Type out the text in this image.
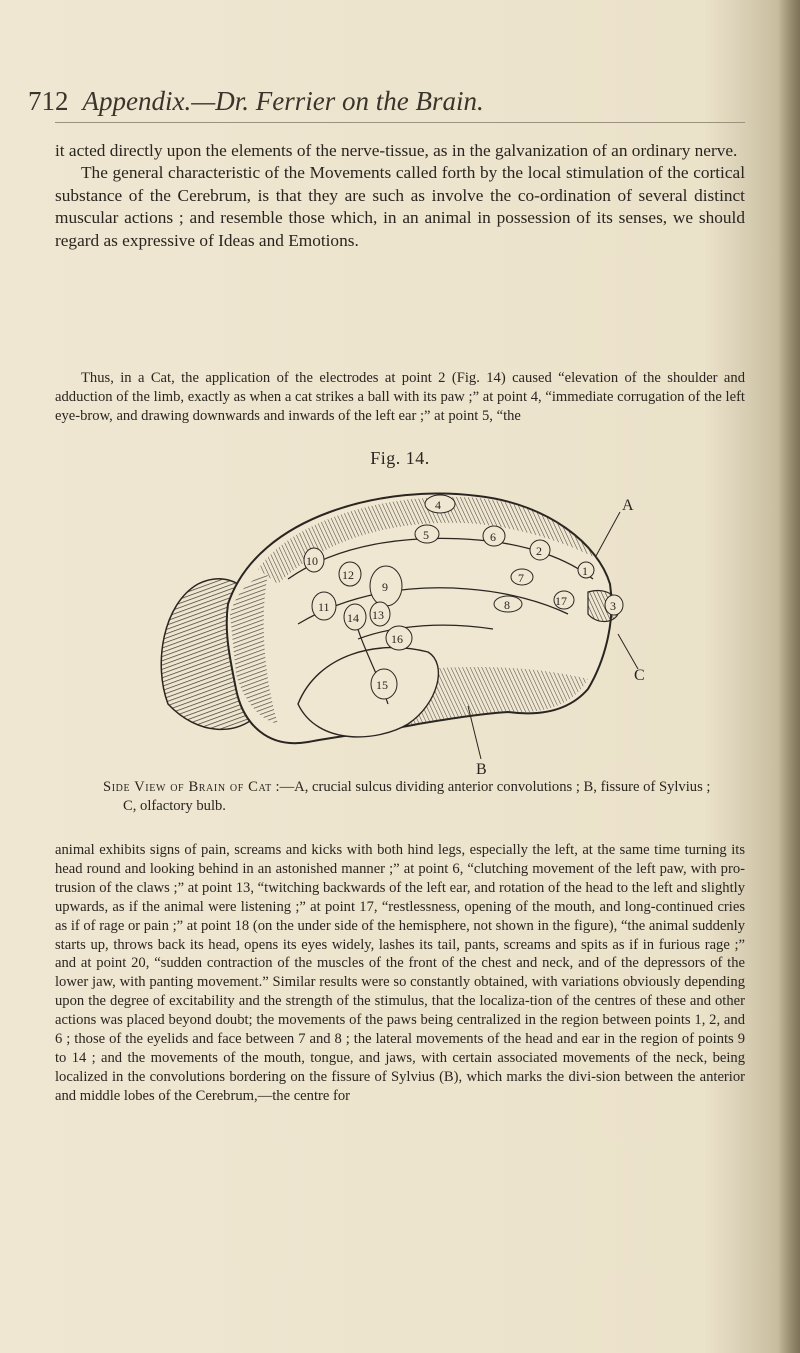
712 Appendix.—Dr. Ferrier on the Brain.

it acted directly upon the elements of the nerve-tissue, as in the galvanization of an ordinary nerve.

The general characteristic of the Movements called forth by the local stimulation of the cortical substance of the Cerebrum, is that they are such as involve the co-ordination of several distinct muscular actions ; and resemble those which, in an animal in possession of its senses, we should regard as expressive of Ideas and Emotions.

Thus, in a Cat, the application of the electrodes at point 2 (Fig. 14) caused “elevation of the shoulder and adduction of the limb, exactly as when a cat strikes a ball with its paw ;” at point 4, “immediate corrugation of the left eye-brow, and drawing downwards and inwards of the left ear ;” at point 5, “the

Fig. 14.
4
5	6
2
1
7
3
17
8
10
12
9
11
14 13
16
15
A
B
C
Side View of Brain of Cat :—A, crucial sulcus dividing anterior convolutions ; B, fissure of Sylvius ; C, olfactory bulb.

animal exhibits signs of pain, screams and kicks with both hind legs, especially the left, at the same time turning its head round and looking behind in an astonished manner ;” at point 6, “clutching movement of the left paw, with pro-trusion of the claws ;” at point 13, “twitching backwards of the left ear, and rotation of the head to the left and slightly upwards, as if the animal were listening ;” at point 17, “restlessness, opening of the mouth, and long-continued cries as if of rage or pain ;” at point 18 (on the under side of the hemisphere, not shown in the figure), “the animal suddenly starts up, throws back its head, opens its eyes widely, lashes its tail, pants, screams and spits as if in furious rage ;” and at point 20, “sudden contraction of the muscles of the front of the chest and neck, and of the depressors of the lower jaw, with panting movement.” Similar results were so constantly obtained, with variations obviously depending upon the degree of excitability and the strength of the stimulus, that the localiza-tion of the centres of these and other actions was placed beyond doubt; the movements of the paws being centralized in the region between points 1, 2, and 6 ; those of the eyelids and face between 7 and 8 ; the lateral movements of the head and ear in the region of points 9 to 14 ; and the movements of the mouth, tongue, and jaws, with certain associated movements of the neck, being localized in the convolutions bordering on the fissure of Sylvius (B), which marks the divi-sion between the anterior and middle lobes of the Cerebrum,—the centre for
